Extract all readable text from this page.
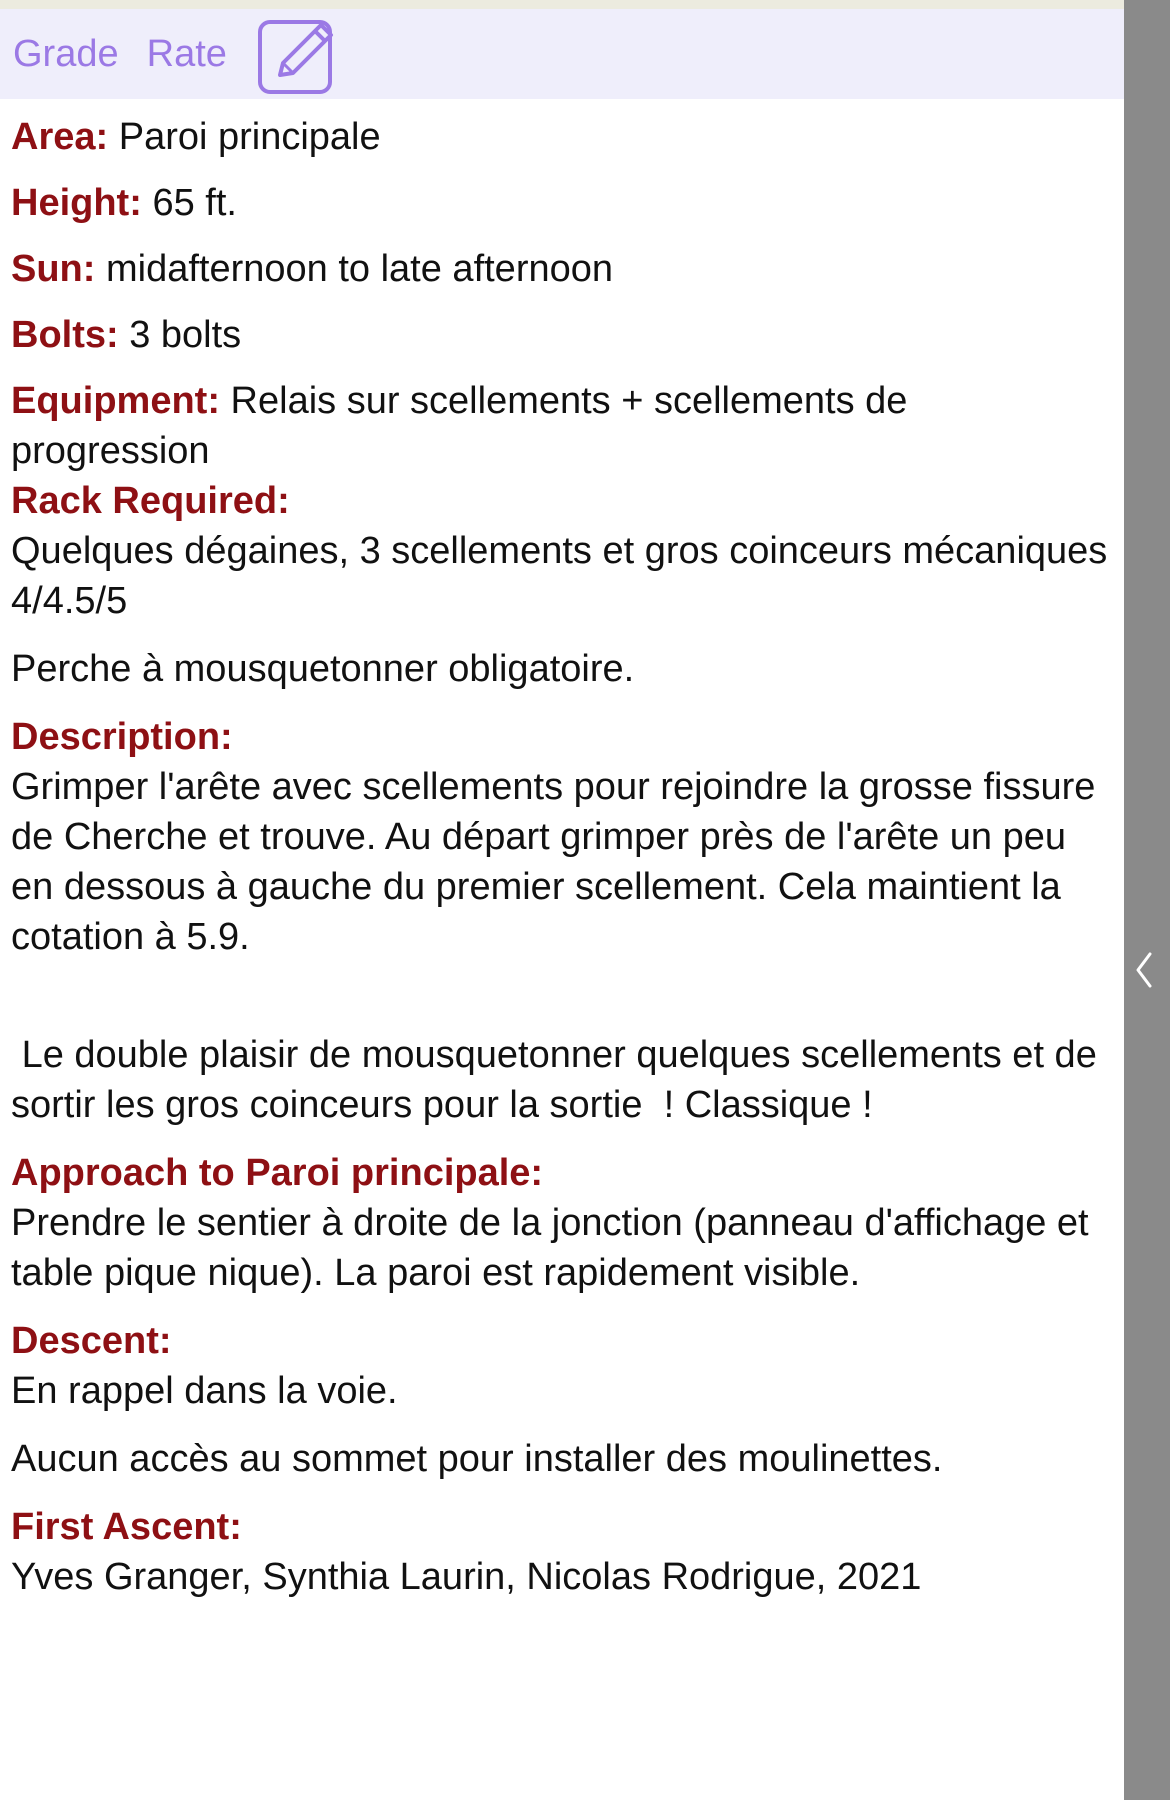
Grade Rate

Area: Paroi principale

Height: 65 ft.

Sun: midafternoon to late afternoon

Bolts: 3 bolts

Equipment: Relais sur scellements + scellements de progression

Rack Required:
Quelques dégaines, 3 scellements et gros coinceurs mécaniques 4/4.5/5

Perche à mousquetonner obligatoire.

Description:
Grimper l'arête avec scellements pour rejoindre la grosse fissure de Cherche et trouve. Au départ grimper près de l'arête un peu en dessous à gauche du premier scellement. Cela maintient la cotation à 5.9.

Le double plaisir de mousquetonner quelques scellements et de sortir les gros coinceurs pour la sortie  ! Classique !

Approach to Paroi principale:
Prendre le sentier à droite de la jonction (panneau d'affichage et table pique nique). La paroi est rapidement visible.

Descent:
En rappel dans la voie.

Aucun accès au sommet pour installer des moulinettes.

First Ascent:
Yves Granger, Synthia Laurin, Nicolas Rodrigue, 2021
